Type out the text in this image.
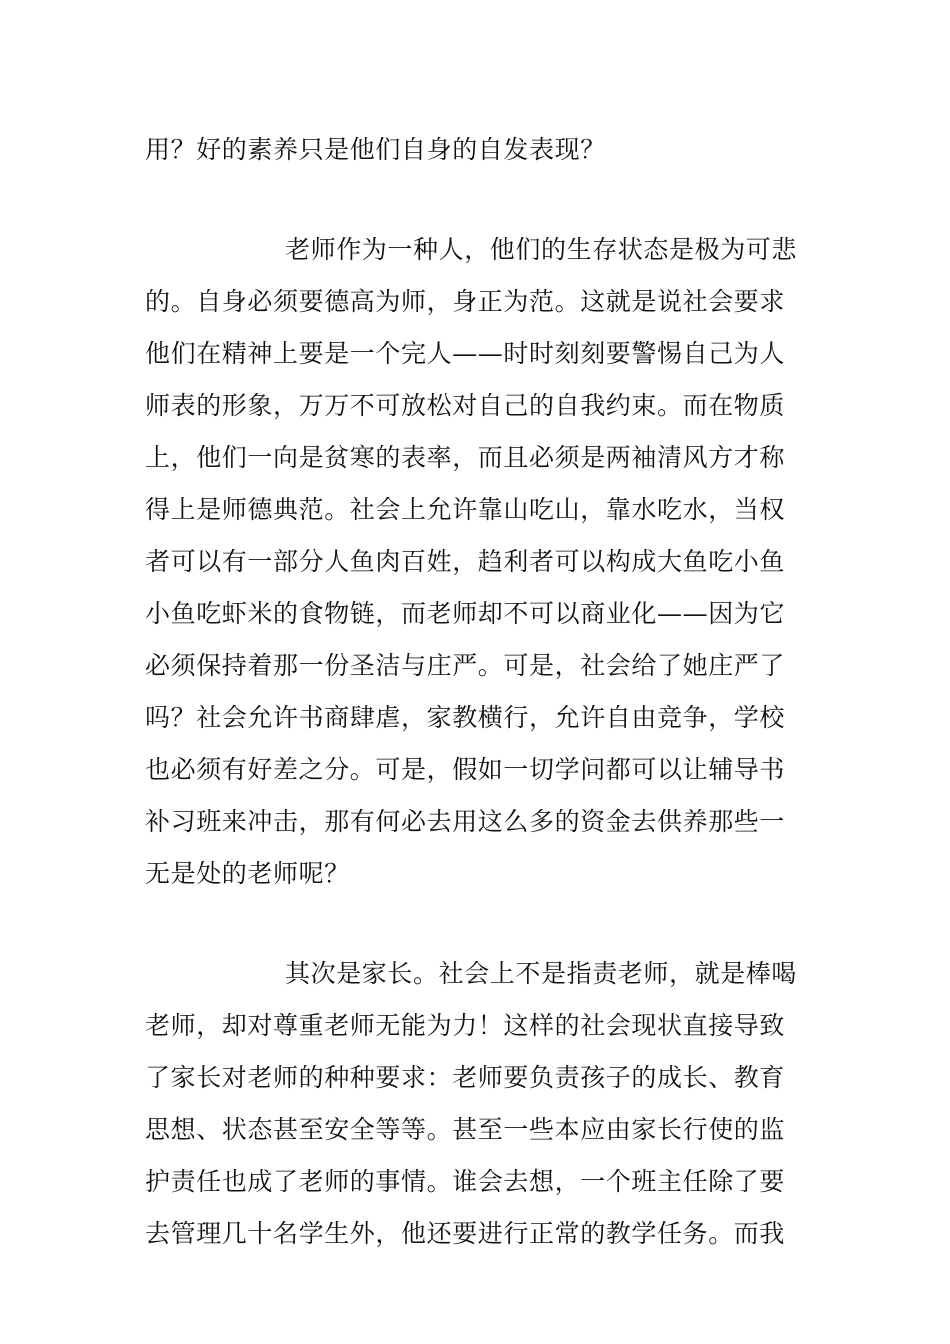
用？好的素养只是他们自身的自发表现？
老师作为一种人，他们的生存状态是极为可悲
的。自身必须要德高为师，身正为范。这就是说社会要求
他们在精神上要是一个完人——时时刻刻要警惕自己为人
师表的形象，万万不可放松对自己的自我约束。而在物质
上，他们一向是贫寒的表率，而且必须是两袖清风方才称
得上是师德典范。社会上允许靠山吃山，靠水吃水，当权
者可以有一部分人鱼肉百姓，趋利者可以构成大鱼吃小鱼
小鱼吃虾米的食物链，而老师却不可以商业化——因为它
必须保持着那一份圣洁与庄严。可是，社会给了她庄严了
吗？社会允许书商肆虐，家教横行，允许自由竞争，学校
也必须有好差之分。可是，假如一切学问都可以让辅导书
补习班来冲击，那有何必去用这么多的资金去供养那些一
无是处的老师呢？
其次是家长。社会上不是指责老师，就是棒喝
老师，却对尊重老师无能为力！这样的社会现状直接导致
了家长对老师的种种要求：老师要负责孩子的成长、教育
思想、状态甚至安全等等。甚至一些本应由家长行使的监
护责任也成了老师的事情。谁会去想，一个班主任除了要
去管理几十名学生外，他还要进行正常的教学任务。而我
